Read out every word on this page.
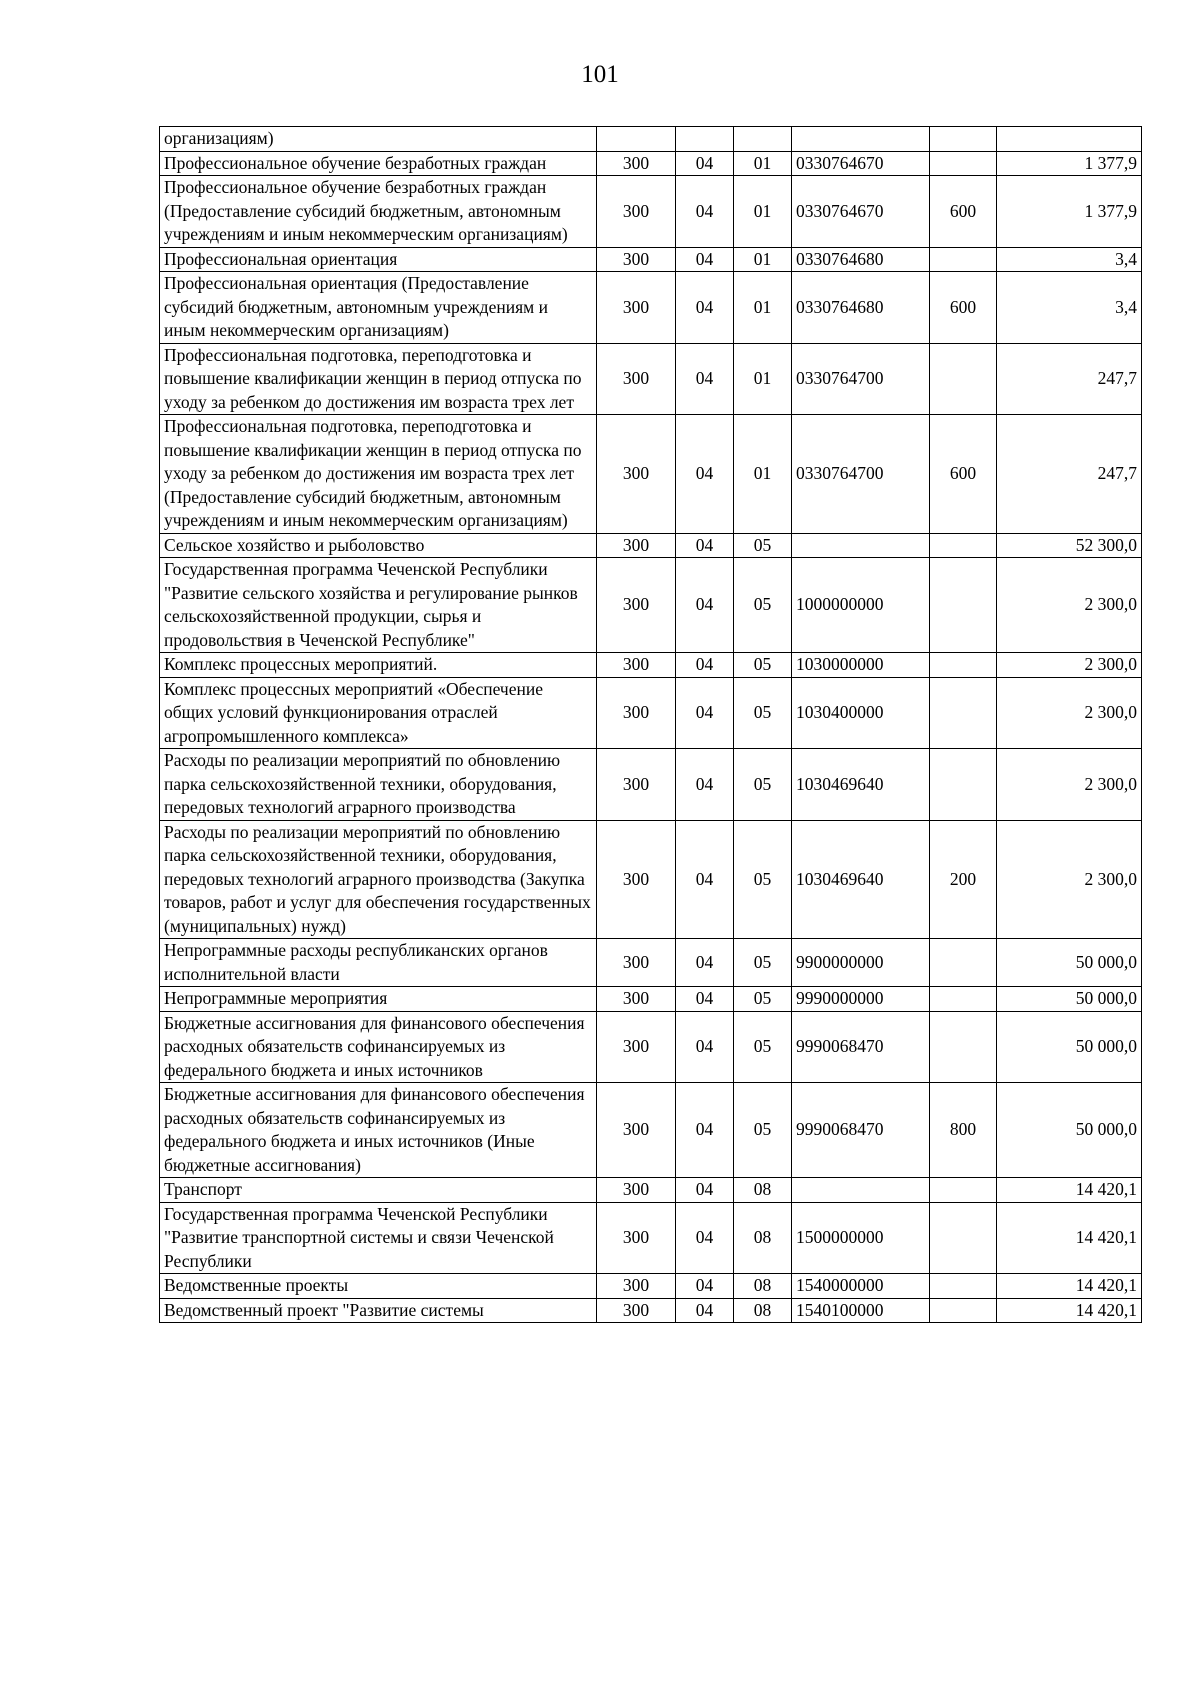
101
организациям)						
Профессиональное обучение безработных граждан	300	04	01	0330764670		1 377,9
Профессиональное обучение безработных граждан (Предоставление субсидий бюджетным, автономным учреждениям и иным некоммерческим организациям)	300	04	01	0330764670	600	1 377,9
Профессиональная ориентация	300	04	01	0330764680		3,4
Профессиональная ориентация (Предоставление субсидий бюджетным, автономным учреждениям и иным некоммерческим организациям)	300	04	01	0330764680	600	3,4
Профессиональная подготовка, переподготовка и повышение квалификации женщин в период отпуска по уходу за ребенком до достижения им возраста трех лет	300	04	01	0330764700		247,7
Профессиональная подготовка, переподготовка и повышение квалификации женщин в период отпуска по уходу за ребенком до достижения им возраста трех лет (Предоставление субсидий бюджетным, автономным учреждениям и иным некоммерческим организациям)	300	04	01	0330764700	600	247,7
Сельское хозяйство и рыболовство	300	04	05			52 300,0
Государственная программа Чеченской Республики "Развитие сельского хозяйства и регулирование рынков сельскохозяйственной продукции, сырья и продовольствия в Чеченской Республике"	300	04	05	1000000000		2 300,0
Комплекс процессных мероприятий.	300	04	05	1030000000		2 300,0
Комплекс процессных мероприятий «Обеспечение общих условий функционирования отраслей агропромышленного комплекса»	300	04	05	1030400000		2 300,0
Расходы по реализации мероприятий по обновлению парка сельскохозяйственной техники, оборудования, передовых технологий аграрного производства	300	04	05	1030469640		2 300,0
Расходы по реализации мероприятий по обновлению парка сельскохозяйственной техники, оборудования, передовых технологий аграрного производства (Закупка товаров, работ и услуг для обеспечения государственных (муниципальных) нужд)	300	04	05	1030469640	200	2 300,0
Непрограммные расходы республиканских органов исполнительной власти	300	04	05	9900000000		50 000,0
Непрограммные мероприятия	300	04	05	9990000000		50 000,0
Бюджетные ассигнования для финансового обеспечения расходных обязательств софинансируемых из федерального бюджета и иных источников	300	04	05	9990068470		50 000,0
Бюджетные ассигнования для финансового обеспечения расходных обязательств софинансируемых из федерального бюджета и иных источников (Иные бюджетные ассигнования)	300	04	05	9990068470	800	50 000,0
Транспорт	300	04	08			14 420,1
Государственная программа Чеченской Республики "Развитие транспортной системы и связи Чеченской Республики	300	04	08	1500000000		14 420,1
Ведомственные проекты	300	04	08	1540000000		14 420,1
Ведомственный проект "Развитие системы	300	04	08	1540100000		14 420,1
